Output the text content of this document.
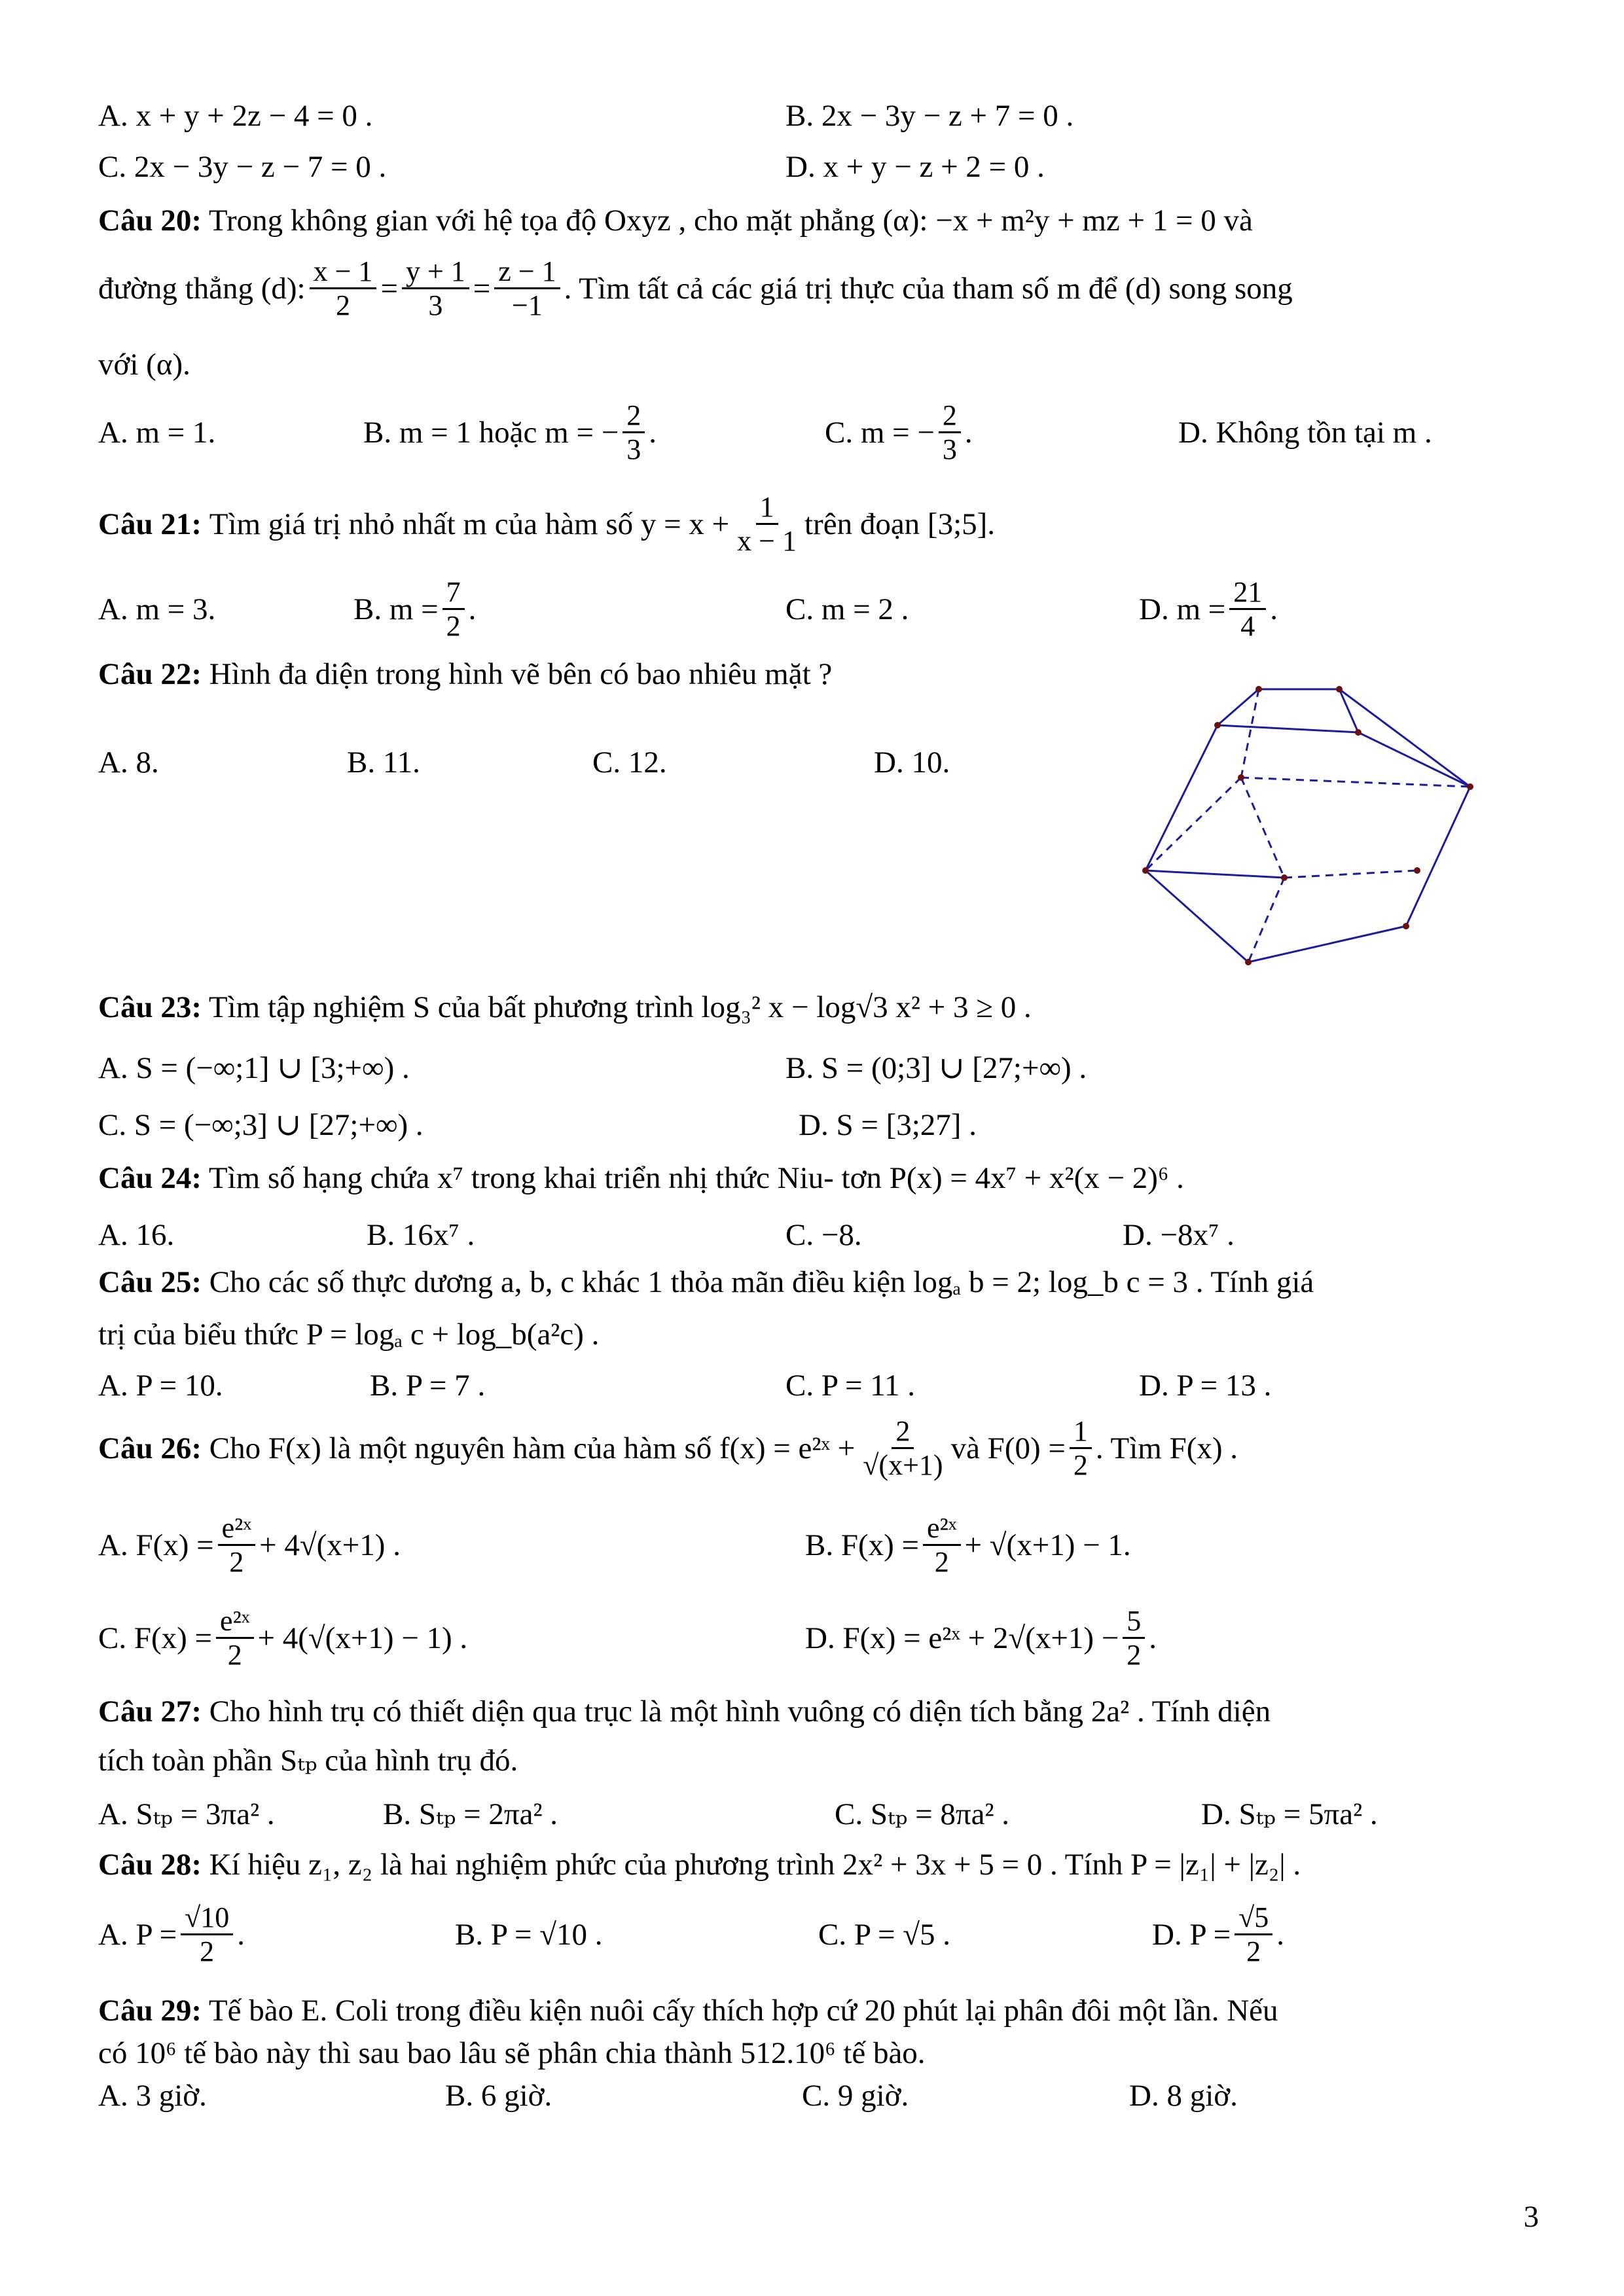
A. x + y + 2z − 4 = 0 .	B. 2x − 3y − z + 7 = 0 .
C. 2x − 3y − z − 7 = 0 .	D. x + y − z + 2 = 0 .
Câu 20: Trong không gian với hệ tọa độ Oxyz , cho mặt phẳng (α): −x + m²y + mz + 1 = 0 và
đường thẳng (d): $\frac{x - 1}{2} = \frac{y + 1}{3} = \frac{z - 1}{-1}$ . Tìm tất cả các giá trị thực của tham số m để (d) song song
với (α).
A. m = 1.	B. m = 1 hoặc m = − $\frac{2}{3}$ .	C. m = − $\frac{2}{3}$ .	D. Không tồn tại m .
Câu 21:
Tìm giá trị nhỏ nhất m của hàm số $y = x + \frac{1}{x - 1}$ trên đoạn [3;5].
A. m = 3.	B. $m = \frac{7}{2}$ .	C. m = 2 .	D. $m = \frac{21}{4}$ .
Câu 22: Hình đa diện trong hình vẽ bên có bao nhiêu mặt ?
A. 8.	B. 11.	C. 12.	D. 10.
Câu 23: Tìm tập nghiệm S của bất phương trình log₃² x − log√3 x² + 3 ≥ 0 .
A. S = (−∞;1] ∪ [3;+∞) .	B. S = (0;3] ∪ [27;+∞) .
C. S = (−∞;3] ∪ [27;+∞) .	D. S = [3;27] .
Câu 24: Tìm số hạng chứa x⁷ trong khai triển nhị thức Niu- tơn P(x) = 4x⁷ + x²(x − 2)⁶ .
A. 16.	B. 16x⁷ .	C. −8.	D. −8x⁷ .
Câu 25: Cho các số thực dương a, b, c khác 1 thỏa mãn điều kiện logₐ b = 2; log_b c = 3 . Tính giá
trị của biểu thức P = logₐ c + log_b(a²c) .
A. P = 10.	B. P = 7 .	C. P = 11 .	D. P = 13 .
Câu 26:
Cho F(x) là một nguyên hàm của hàm số f(x) = e²ˣ + $\frac{2}{√(x+1)}$ và $F(0) = \frac{1}{2}$ . Tìm F(x) .
A. $F(x) = \frac{\text{e²ˣ}}{2} + 4√(x+1)$ .	B. $F(x) = \frac{\text{e²ˣ}}{2} + √(x+1) - 1$.
C. $F(x) = \frac{\text{e²ˣ}}{2} + 4(√(x+1) - 1)$ .	D. F(x) = e²ˣ + $2√(x+1) - \frac{5}{2}$ .
Câu 27: Cho hình trụ có thiết diện qua trục là một hình vuông có diện tích bằng 2a² . Tính diện
tích toàn phần Sₜₚ của hình trụ đó.
A. Sₜₚ = 3πa² .	B. Sₜₚ = 2πa² .	C. Sₜₚ = 8πa² .	D. Sₜₚ = 5πa² .
Câu 28: Kí hiệu z₁, z₂ là hai nghiệm phức của phương trình 2x² + 3x + 5 = 0 . Tính P = |z₁| + |z₂| .
A. $P = \frac{√10}{2}$ .	B. P = √10 .	C. P = √5 .	D. $P = \frac{√5}{2}$ .
Câu 29: Tế bào E. Coli trong điều kiện nuôi cấy thích hợp cứ 20 phút lại phân đôi một lần. Nếu
có 10⁶ tế bào này thì sau bao lâu sẽ phân chia thành 512.10⁶ tế bào.
A. 3 giờ.	B. 6 giờ.	C. 9 giờ.	D. 8 giờ.
3
